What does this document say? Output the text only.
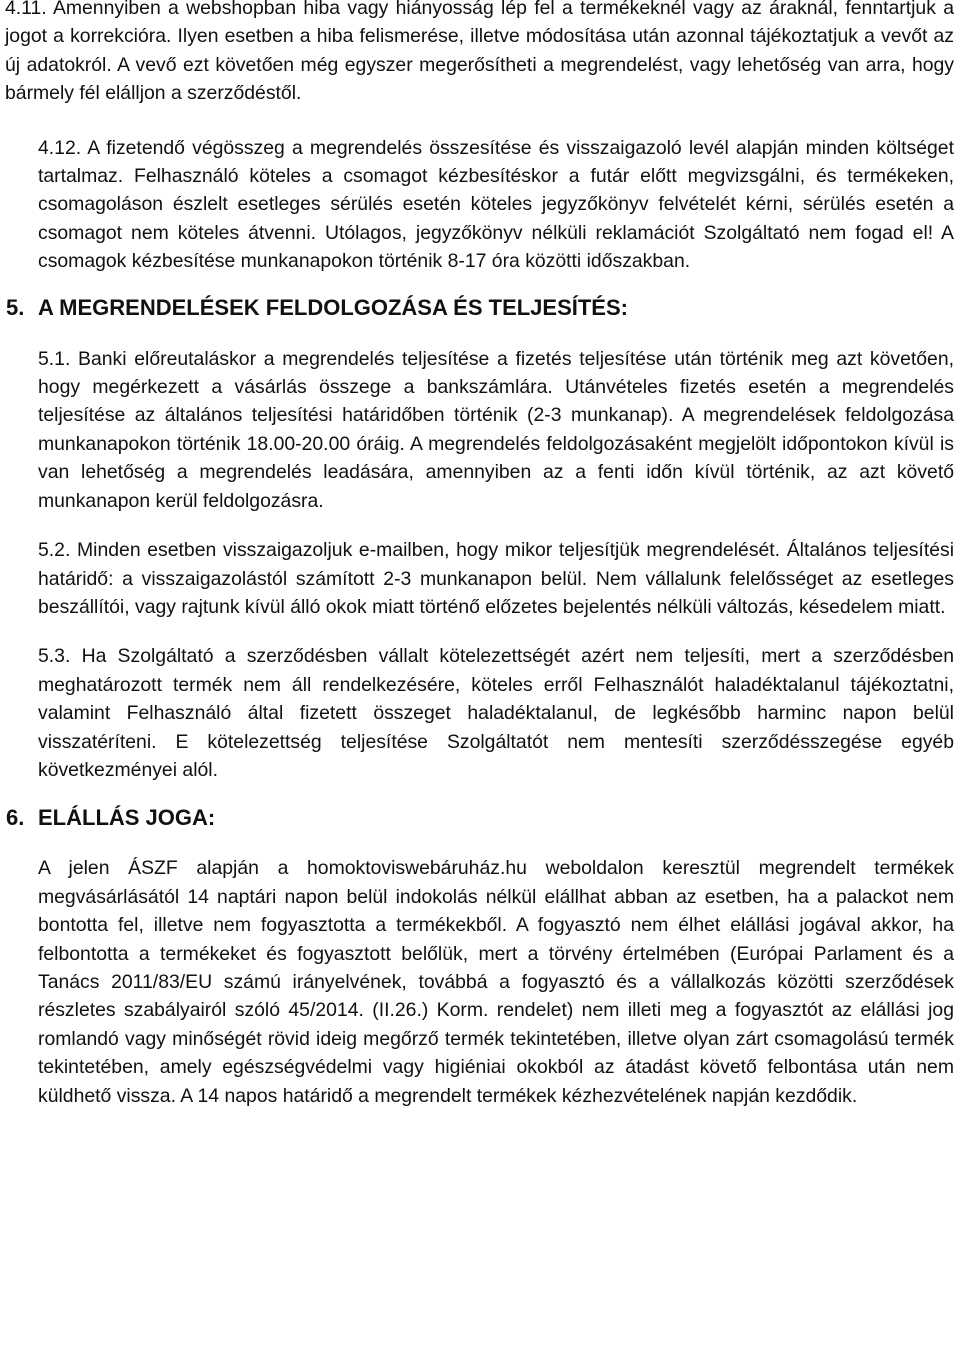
4.11. Amennyiben a webshopban hiba vagy hiányosság lép fel a termékeknél vagy az áraknál, fenntartjuk a jogot a korrekcióra. Ilyen esetben a hiba felismerése, illetve módosítása után azonnal tájékoztatjuk a vevőt az új adatokról. A vevő ezt követően még egyszer megerősítheti a megrendelést, vagy lehetőség van arra, hogy bármely fél elálljon a szerződéstől.

4.12. A fizetendő végösszeg a megrendelés összesítése és visszaigazoló levél alapján minden költséget tartalmaz. Felhasználó köteles a csomagot kézbesítéskor a futár előtt megvizsgálni, és termékeken, csomagoláson észlelt esetleges sérülés esetén köteles jegyzőkönyv felvételét kérni, sérülés esetén a csomagot nem köteles átvenni. Utólagos, jegyzőkönyv nélküli reklamációt Szolgáltató nem fogad el! A csomagok kézbesítése munkanapokon történik 8-17 óra közötti időszakban.

5. A MEGRENDELÉSEK FELDOLGOZÁSA ÉS TELJESÍTÉS:

5.1. Banki előreutaláskor a megrendelés teljesítése a fizetés teljesítése után történik meg azt követően, hogy megérkezett a vásárlás összege a bankszámlára. Utánvételes fizetés esetén a megrendelés teljesítése az általános teljesítési határidőben történik (2-3 munkanap). A megrendelések feldolgozása munkanapokon történik 18.00-20.00 óráig. A megrendelés feldolgozásaként megjelölt időpontokon kívül is van lehetőség a megrendelés leadására, amennyiben az a fenti időn kívül történik, az azt követő munkanapon kerül feldolgozásra.

5.2. Minden esetben visszaigazoljuk e-mailben, hogy mikor teljesítjük megrendelését. Általános teljesítési határidő: a visszaigazolástól számított 2-3 munkanapon belül. Nem vállalunk felelősséget az esetleges beszállítói, vagy rajtunk kívül álló okok miatt történő előzetes bejelentés nélküli változás, késedelem miatt.

5.3. Ha Szolgáltató a szerződésben vállalt kötelezettségét azért nem teljesíti, mert a szerződésben meghatározott termék nem áll rendelkezésére, köteles erről Felhasználót haladéktalanul tájékoztatni, valamint Felhasználó által fizetett összeget haladéktalanul, de legkésőbb harminc napon belül visszatéríteni. E kötelezettség teljesítése Szolgáltatót nem mentesíti szerződésszegése egyéb következményei alól.

6. ELÁLLÁS JOGA:

A jelen ÁSZF alapján a homoktoviswebáruház.hu weboldalon keresztül megrendelt termékek megvásárlásától 14 naptári napon belül indokolás nélkül elállhat abban az esetben, ha a palackot nem bontotta fel, illetve nem fogyasztotta a termékekből. A fogyasztó nem élhet elállási jogával akkor, ha felbontotta a termékeket és fogyasztott belőlük, mert a törvény értelmében (Európai Parlament és a Tanács 2011/83/EU számú irányelvének, továbbá a fogyasztó és a vállalkozás közötti szerződések részletes szabályairól szóló 45/2014. (II.26.) Korm. rendelet) nem illeti meg a fogyasztót az elállási jog romlandó vagy minőségét rövid ideig megőrző termék tekintetében, illetve olyan zárt csomagolású termék tekintetében, amely egészségvédelmi vagy higiéniai okokból az átadást követő felbontása után nem küldhető vissza. A 14 napos határidő a megrendelt termékek kézhezvételének napján kezdődik.
